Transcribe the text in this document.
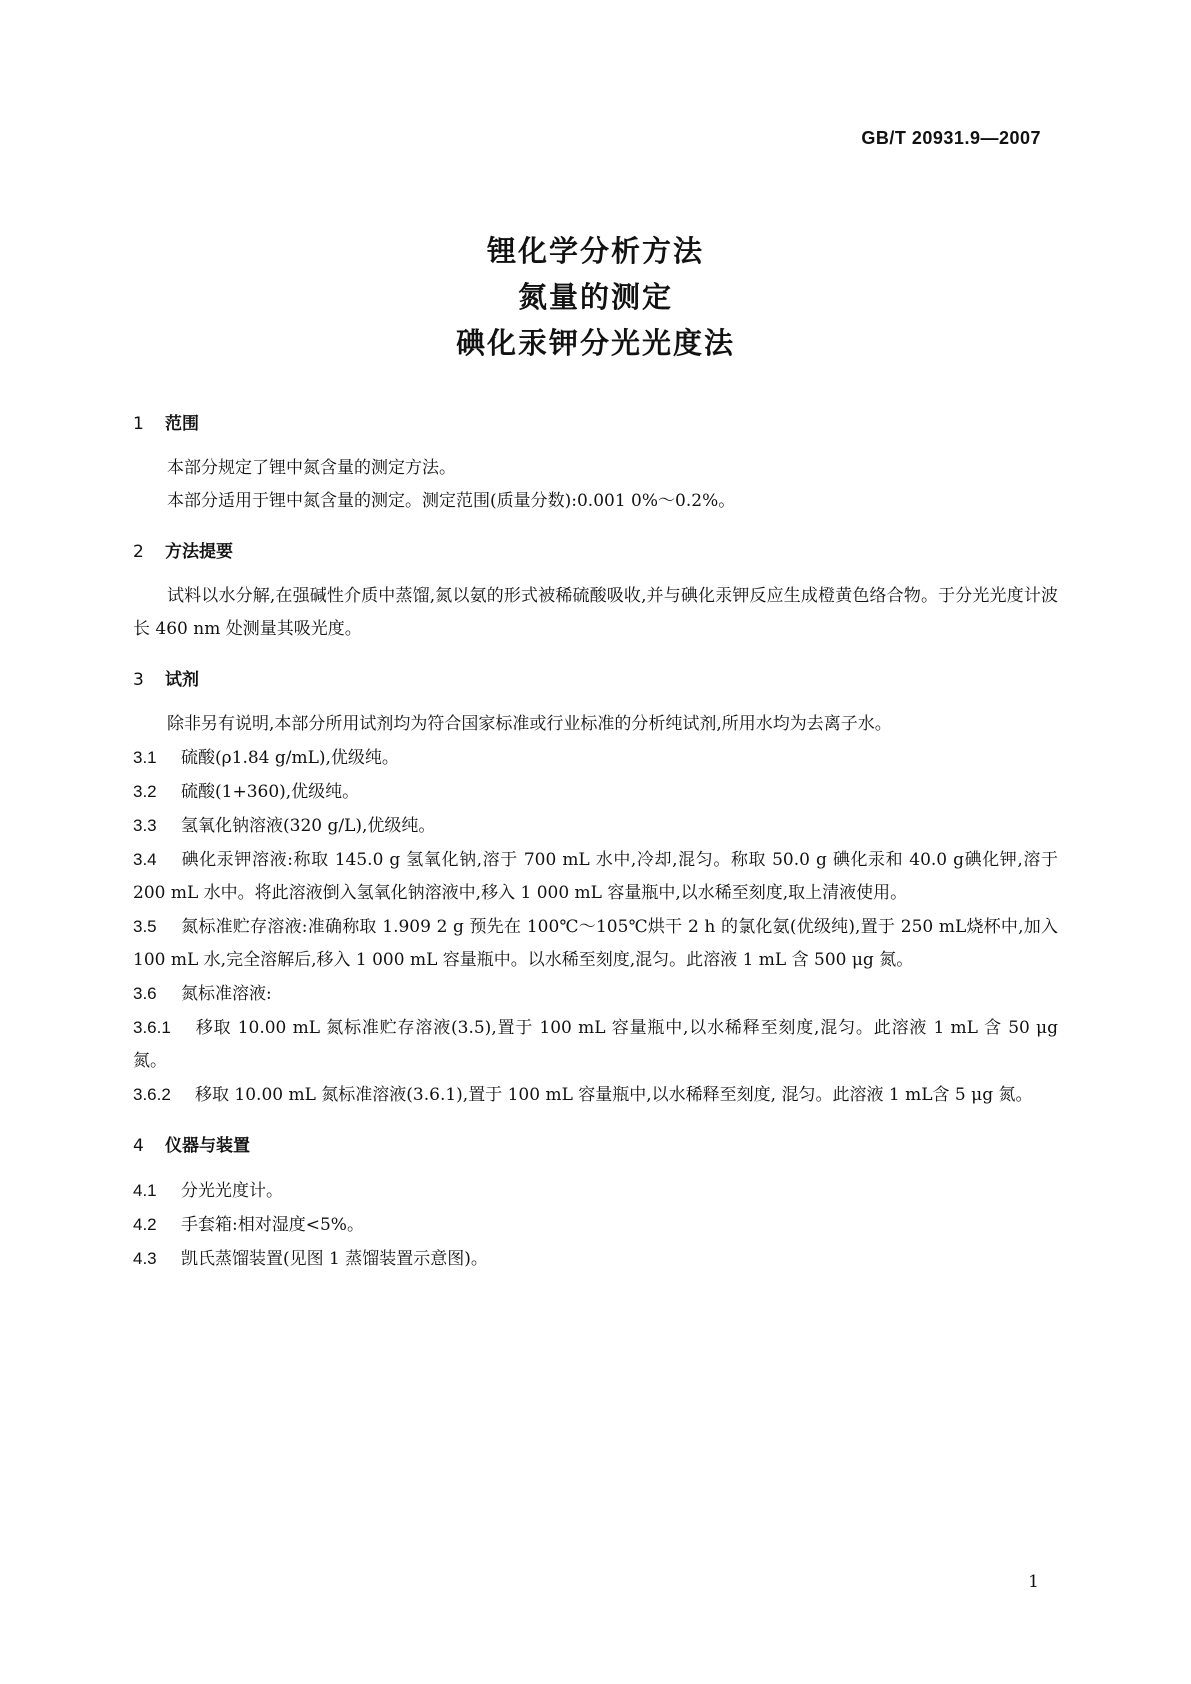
GB/T 20931.9—2007
锂化学分析方法
氮量的测定
碘化汞钾分光光度法
1 范围

本部分规定了锂中氮含量的测定方法。

本部分适用于锂中氮含量的测定。测定范围(质量分数):0.001 0%～0.2%。

2 方法提要

试料以水分解,在强碱性介质中蒸馏,氮以氨的形式被稀硫酸吸收,并与碘化汞钾反应生成橙黄色络合物。于分光光度计波长 460 nm 处测量其吸光度。

3 试剂

除非另有说明,本部分所用试剂均为符合国家标准或行业标准的分析纯试剂,所用水均为去离子水。

3.1 硫酸(ρ1.84 g/mL),优级纯。
3.2 硫酸(1+360),优级纯。
3.3 氢氧化钠溶液(320 g/L),优级纯。
3.4 碘化汞钾溶液:称取 145.0 g 氢氧化钠,溶于 700 mL 水中,冷却,混匀。称取 50.0 g 碘化汞和 40.0 g碘化钾,溶于 200 mL 水中。将此溶液倒入氢氧化钠溶液中,移入 1 000 mL 容量瓶中,以水稀至刻度,取上清液使用。
3.5 氮标准贮存溶液:准确称取 1.909 2 g 预先在 100℃～105℃烘干 2 h 的氯化氨(优级纯),置于 250 mL烧杯中,加入 100 mL 水,完全溶解后,移入 1 000 mL 容量瓶中。以水稀至刻度,混匀。此溶液 1 mL 含 500 μg 氮。
3.6 氮标准溶液:
3.6.1 移取 10.00 mL 氮标准贮存溶液(3.5),置于 100 mL 容量瓶中,以水稀释至刻度,混匀。此溶液 1 mL 含 50 μg 氮。
3.6.2 移取 10.00 mL 氮标准溶液(3.6.1),置于 100 mL 容量瓶中,以水稀释至刻度, 混匀。此溶液 1 mL含 5 μg 氮。
4 仪器与装置
4.1 分光光度计。
4.2 手套箱:相对湿度<5%。
4.3 凯氏蒸馏装置(见图 1 蒸馏装置示意图)。
1
